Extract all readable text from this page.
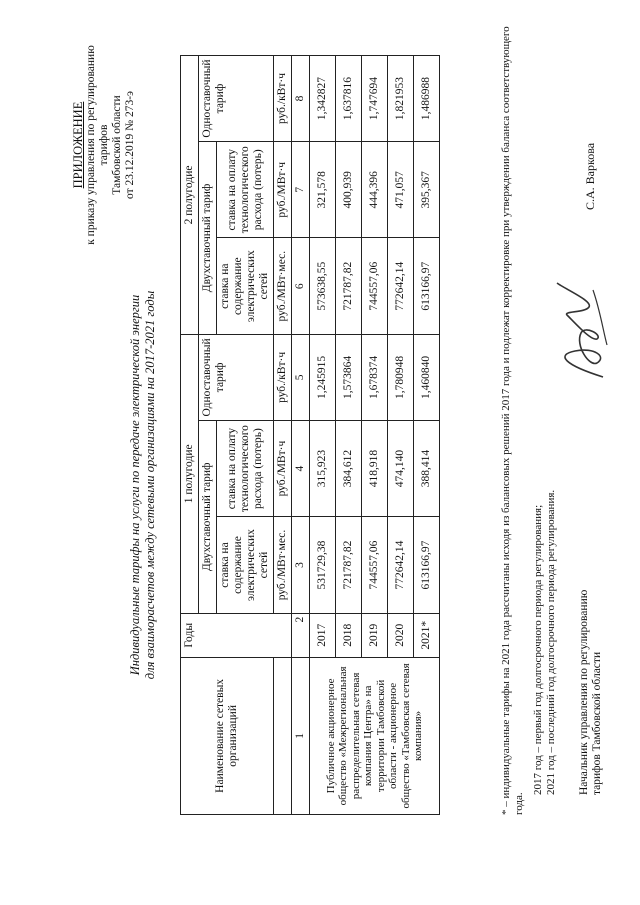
ПРИЛОЖЕНИЕ к приказу управления по регулированию тарифов Тамбовской области от 23.12.2019 № 273-э
Индивидуальные тарифы на услуги по передаче электрической энергии для взаиморасчетов между сетевыми организациями на 2017-2021 годы
Наименование сетевых организаций	Годы	1 полугодие			2 полугодие		
		Двухставочный тариф		Одноставочный тариф	Двухставочный тариф		Одноставочный тариф
		ставка на содержание электрических сетей	ставка на оплату технологического расхода (потерь)		ставка на содержание электрических сетей	ставка на оплату технологического расхода (потерь)	
		руб./МВт·мес.	руб./МВт·ч	руб./кВт·ч	руб./МВт·мес.	руб./МВт·ч	руб./кВт·ч
1	2	3	4	5	6	7	8
Публичное акционерное общество «Межрегиональная распределительная сетевая компания Центра» на территории Тамбовской области - акционерное общество «Тамбовская сетевая компания»	2017	531729,38	315,923	1,245915	573638,55	321,578	1,342827
	2018	721787,82	384,612	1,573864	721787,82	400,939	1,637816
	2019	744557,06	418,918	1,678374	744557,06	444,396	1,747694
	2020	772642,14	474,140	1,780948	772642,14	471,057	1,821953
	2021*	613166,97	388,414	1,460840	613166,97	395,367	1,486988	* – индивидуальные тарифы на 2021 года рассчитаны исходя из балансовых решений 2017 года и подлежат корректировке при утверждении баланса соответствующего года.
2017 год – первый год долгосрочного периода регулирования; 2021 год – последний год долгосрочного периода регулирования. Начальник управления по регулированию тарифов Тамбовской области
С.А. Варкова
